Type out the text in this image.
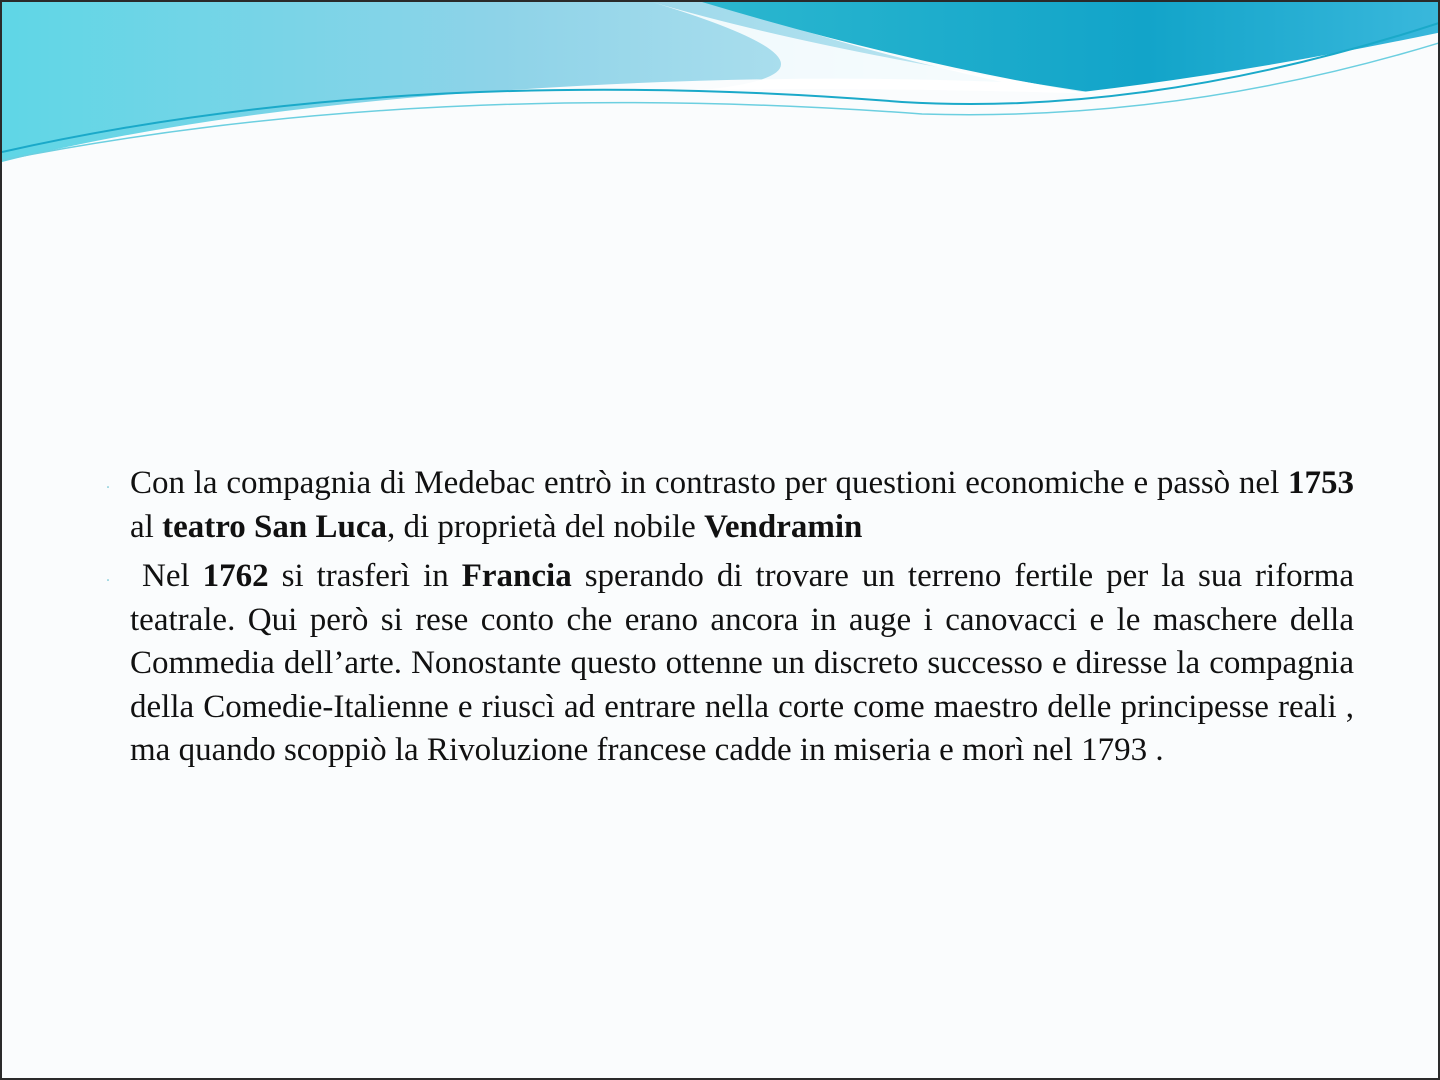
. Con la compagnia di Medebac entrò in contrasto per questioni economiche e passò nel 1753 al teatro San Luca, di proprietà del nobile Vendramin

. Nel 1762 si trasferì in Francia sperando di trovare un terreno fertile per la sua riforma teatrale. Qui però si rese conto che erano ancora in auge i canovacci e le maschere della Commedia dell’arte. Nonostante questo ottenne un discreto successo e diresse la compagnia della Comedie-Italienne e riuscì ad entrare nella corte come maestro delle principesse reali , ma quando scoppiò la Rivoluzione francese cadde in miseria e morì nel 1793 .
